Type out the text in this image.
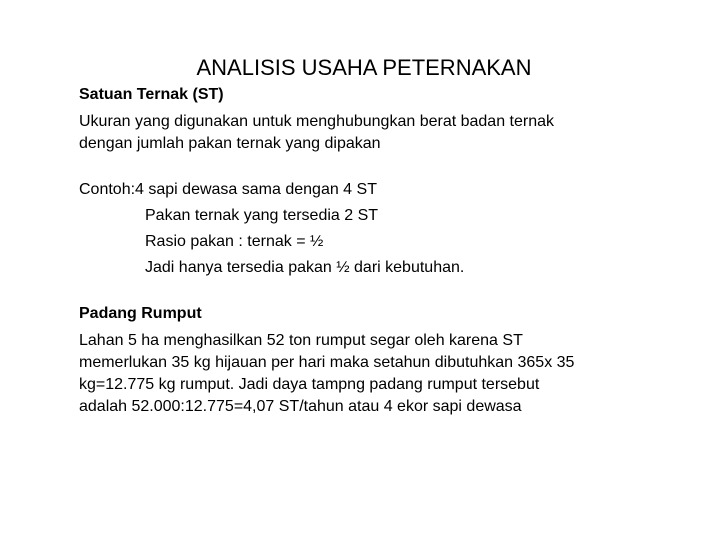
ANALISIS USAHA PETERNAKAN

Satuan Ternak (ST)

Ukuran yang digunakan untuk menghubungkan berat badan ternak

dengan jumlah pakan ternak yang dipakan

Contoh:4 sapi dewasa sama dengan 4 ST

Pakan ternak yang tersedia 2 ST

Rasio pakan : ternak = ½

Jadi hanya tersedia pakan ½ dari kebutuhan.

Padang Rumput

Lahan 5 ha menghasilkan 52 ton rumput segar oleh karena ST

memerlukan 35 kg hijauan per hari maka setahun dibutuhkan 365x 35

kg=12.775 kg rumput. Jadi daya tampng padang rumput tersebut

adalah 52.000:12.775=4,07 ST/tahun atau 4 ekor sapi dewasa
